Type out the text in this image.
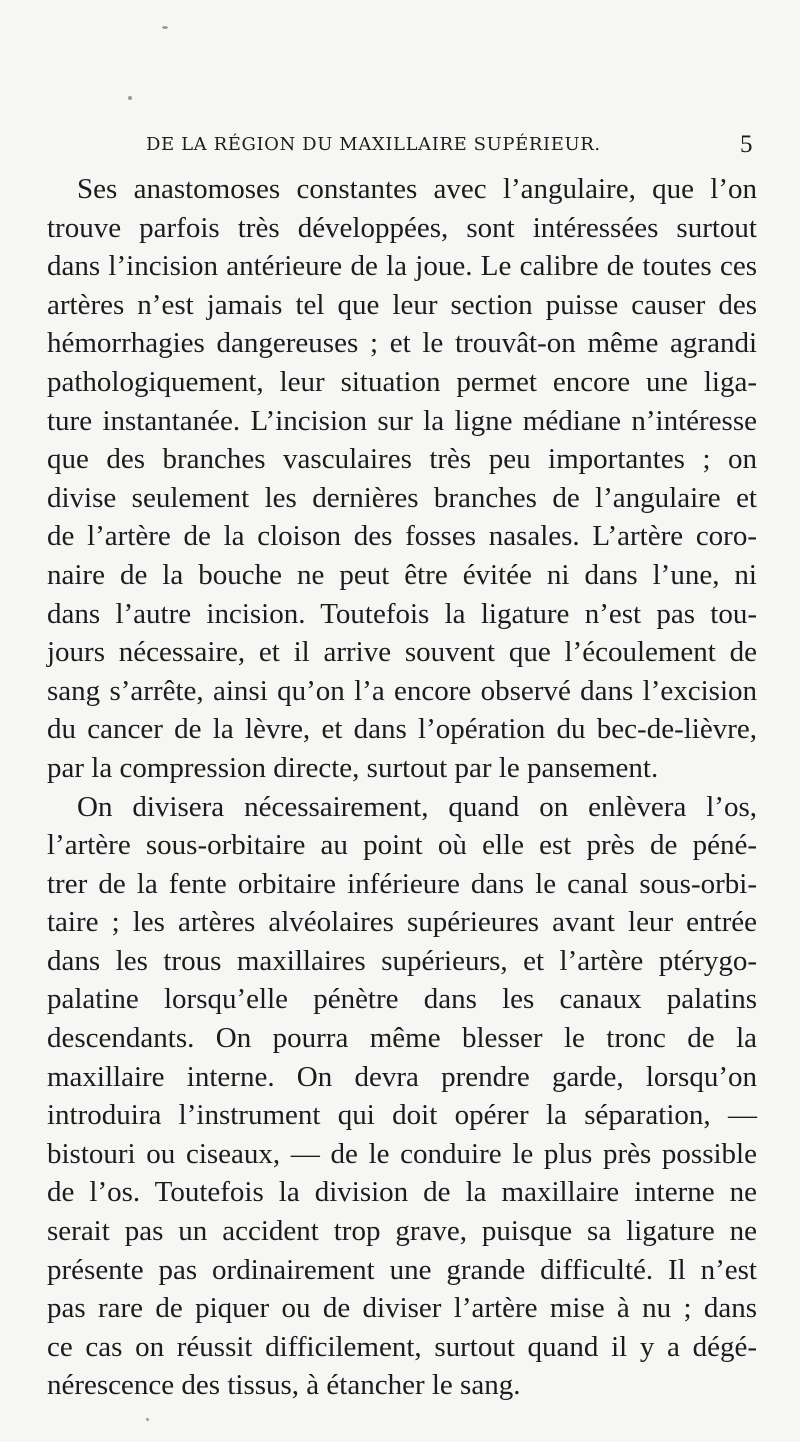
DE LA RÉGION DU MAXILLAIRE SUPÉRIEUR.	5
Ses anastomoses constantes avec l’angulaire, que l’on
trouve parfois très développées, sont intéressées surtout
dans l’incision antérieure de la joue. Le calibre de toutes ces
artères n’est jamais tel que leur section puisse causer des
hémorrhagies dangereuses ; et le trouvât-on même agrandi
pathologiquement, leur situation permet encore une liga-
ture instantanée. L’incision sur la ligne médiane n’intéresse
que des branches vasculaires très peu importantes ; on
divise seulement les dernières branches de l’angulaire et
de l’artère de la cloison des fosses nasales. L’artère coro-
naire de la bouche ne peut être évitée ni dans l’une, ni
dans l’autre incision. Toutefois la ligature n’est pas tou-
jours nécessaire, et il arrive souvent que l’écoulement de
sang s’arrête, ainsi qu’on l’a encore observé dans l’excision
du cancer de la lèvre, et dans l’opération du bec-de-lièvre,
par la compression directe, surtout par le pansement.
On divisera nécessairement, quand on enlèvera l’os,
l’artère sous-orbitaire au point où elle est près de péné-
trer de la fente orbitaire inférieure dans le canal sous-orbi-
taire ; les artères alvéolaires supérieures avant leur entrée
dans les trous maxillaires supérieurs, et l’artère ptérygo-
palatine lorsqu’elle pénètre dans les canaux palatins
descendants. On pourra même blesser le tronc de la
maxillaire interne. On devra prendre garde, lorsqu’on
introduira l’instrument qui doit opérer la séparation, —
bistouri ou ciseaux, — de le conduire le plus près possible
de l’os. Toutefois la division de la maxillaire interne ne
serait pas un accident trop grave, puisque sa ligature ne
présente pas ordinairement une grande difficulté. Il n’est
pas rare de piquer ou de diviser l’artère mise à nu ; dans
ce cas on réussit difficilement, surtout quand il y a dégé-
nérescence des tissus, à étancher le sang.
